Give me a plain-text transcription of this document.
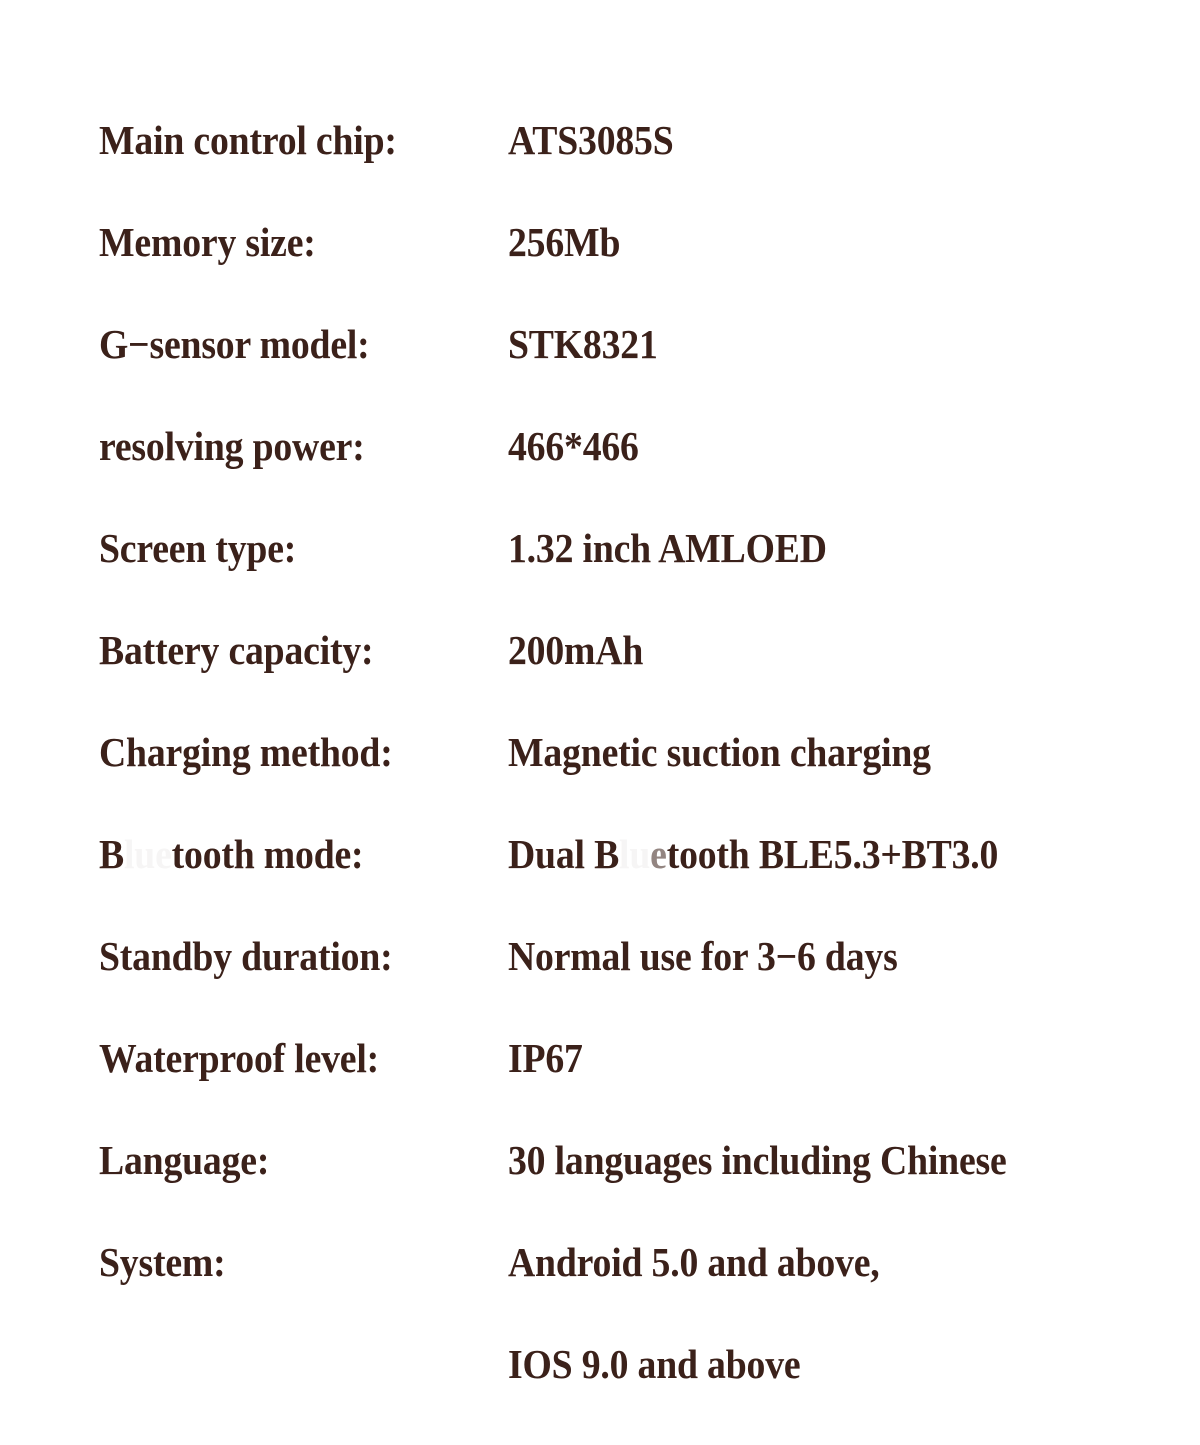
Main control chip:	ATS3085S
Memory size:	256Mb
G−sensor model:	STK8321
resolving power:	466*466
Screen type:	1.32 inch AMLOED
Battery capacity:	200mAh
Charging method:	Magnetic suction charging
B tooth mode:	Dual B e tooth BLE5.3+BT3.0
Standby duration:	Normal use for 3−6 days
Waterproof level:	IP67
Language:	30 languages including Chinese
System:	Android 5.0 and above,
IOS 9.0 and above
